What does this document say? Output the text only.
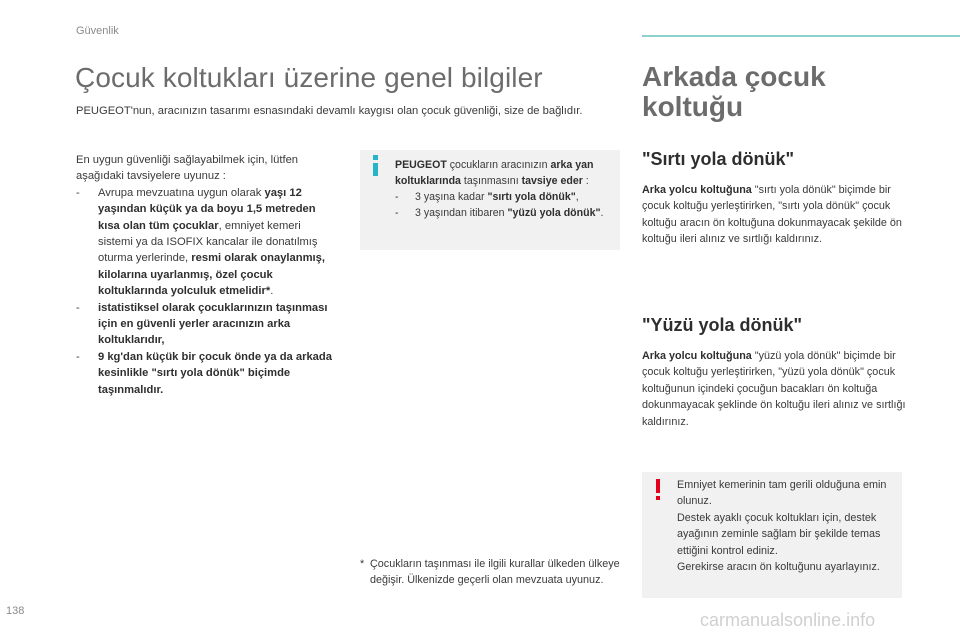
Güvenlik
Çocuk koltukları üzerine genel bilgiler

PEUGEOT'nun, aracınızın tasarımı esnasındaki devamlı kaygısı olan çocuk güvenliği, size de bağlıdır.

En uygun güvenliği sağlayabilmek için, lütfen aşağıdaki tavsiyelere uyunuz :
- Avrupa mevzuatına uygun olarak yaşı 12 yaşından küçük ya da boyu 1,5 metreden kısa olan tüm çocuklar, emniyet kemeri sistemi ya da ISOFIX kancalar ile donatılmış oturma yerlerinde, resmi olarak onaylanmış, kilolarına uyarlanmış, özel çocuk koltuklarında yolculuk etmelidir*.
- istatistiksel olarak çocuklarınızın taşınması için en güvenli yerler aracınızın arka koltuklarıdır,
- 9 kg'dan küçük bir çocuk önde ya da arkada kesinlikle "sırtı yola dönük" biçimde taşınmalıdır.
PEUGEOT çocukların aracınızın arka yan koltuklarında taşınmasını tavsiye eder :
- 3 yaşına kadar "sırtı yola dönük",
- 3 yaşından itibaren "yüzü yola dönük".
* Çocukların taşınması ile ilgili kurallar ülkeden ülkeye değişir. Ülkenizde geçerli olan mevzuata uyunuz.
Arkada çocuk koltuğu
"Sırtı yola dönük"

Arka yolcu koltuğuna "sırtı yola dönük" biçimde bir çocuk koltuğu yerleştirirken, "sırtı yola dönük" çocuk koltuğu aracın ön koltuğuna dokunmayacak şekilde ön koltuğu ileri alınız ve sırtlığı kaldırınız.

"Yüzü yola dönük"

Arka yolcu koltuğuna "yüzü yola dönük" biçimde bir çocuk koltuğu yerleştirirken, "yüzü yola dönük" çocuk koltuğunun içindeki çocuğun bacakları ön koltuğa dokunmayacak şeklinde ön koltuğu ileri alınız ve sırtlığı kaldırınız.

Emniyet kemerinin tam gerili olduğuna emin olunuz.
Destek ayaklı çocuk koltukları için, destek ayağının zeminle sağlam bir şekilde temas ettiğini kontrol ediniz.
Gerekirse aracın ön koltuğunu ayarlayınız.
138	carmanualsonline.info
